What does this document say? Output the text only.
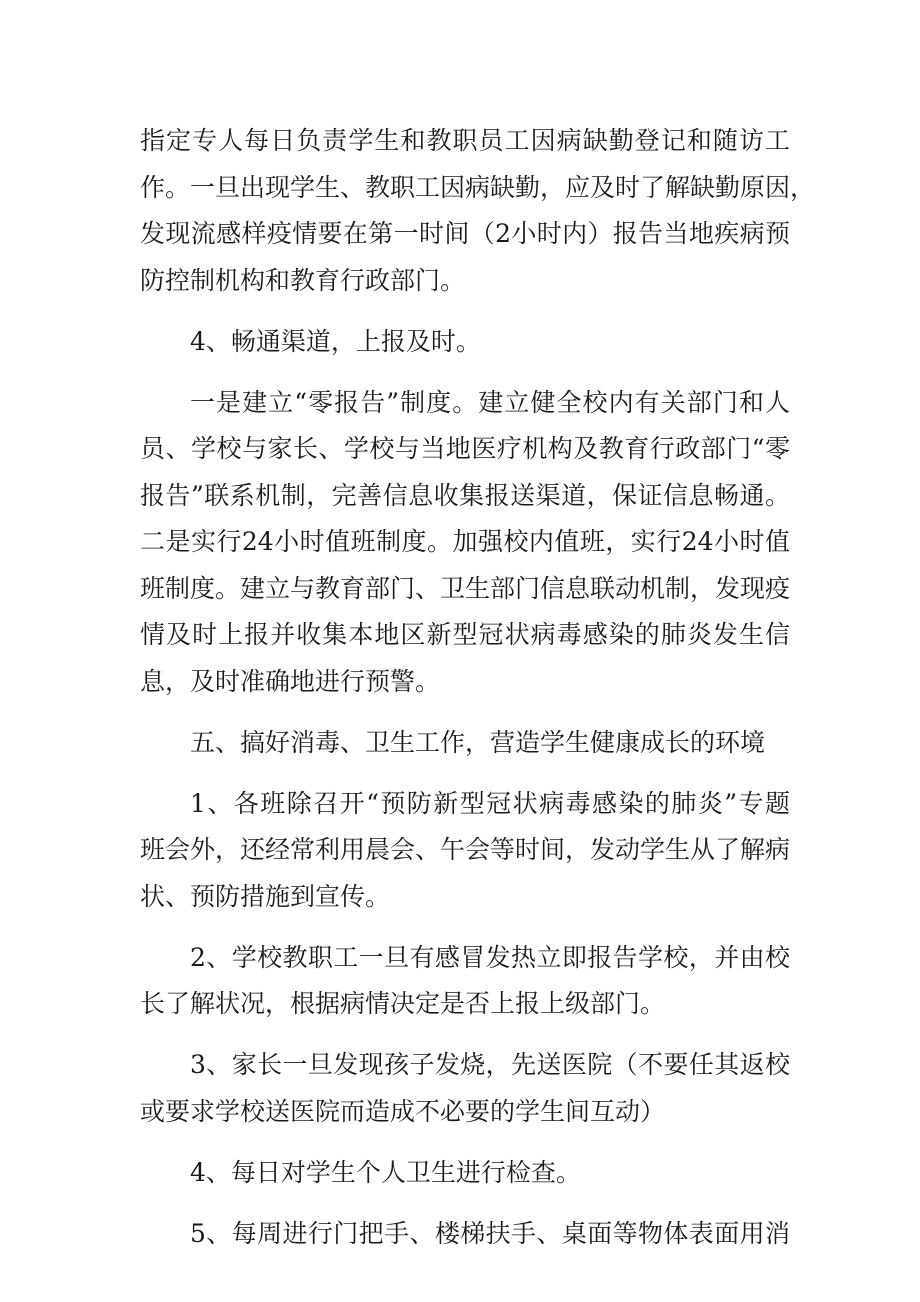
指定专人每日负责学生和教职员工因病缺勤登记和随访工
作。一旦出现学生、教职工因病缺勤，应及时了解缺勤原因，
发现流感样疫情要在第一时间（2小时内）报告当地疾病预
防控制机构和教育行政部门。
4、畅通渠道，上报及时。
一是建立“零报告”制度。建立健全校内有关部门和人
员、学校与家长、学校与当地医疗机构及教育行政部门“零
报告”联系机制，完善信息收集报送渠道，保证信息畅通。
二是实行24小时值班制度。加强校内值班，实行24小时值
班制度。建立与教育部门、卫生部门信息联动机制，发现疫
情及时上报并收集本地区新型冠状病毒感染的肺炎发生信
息，及时准确地进行预警。
五、搞好消毒、卫生工作，营造学生健康成长的环境
1、各班除召开“预防新型冠状病毒感染的肺炎”专题
班会外，还经常利用晨会、午会等时间，发动学生从了解病
状、预防措施到宣传。
2、学校教职工一旦有感冒发热立即报告学校，并由校
长了解状况，根据病情决定是否上报上级部门。
3、家长一旦发现孩子发烧，先送医院（不要任其返校
或要求学校送医院而造成不必要的学生间互动）
4、每日对学生个人卫生进行检查。
5、每周进行门把手、楼梯扶手、桌面等物体表面用消
